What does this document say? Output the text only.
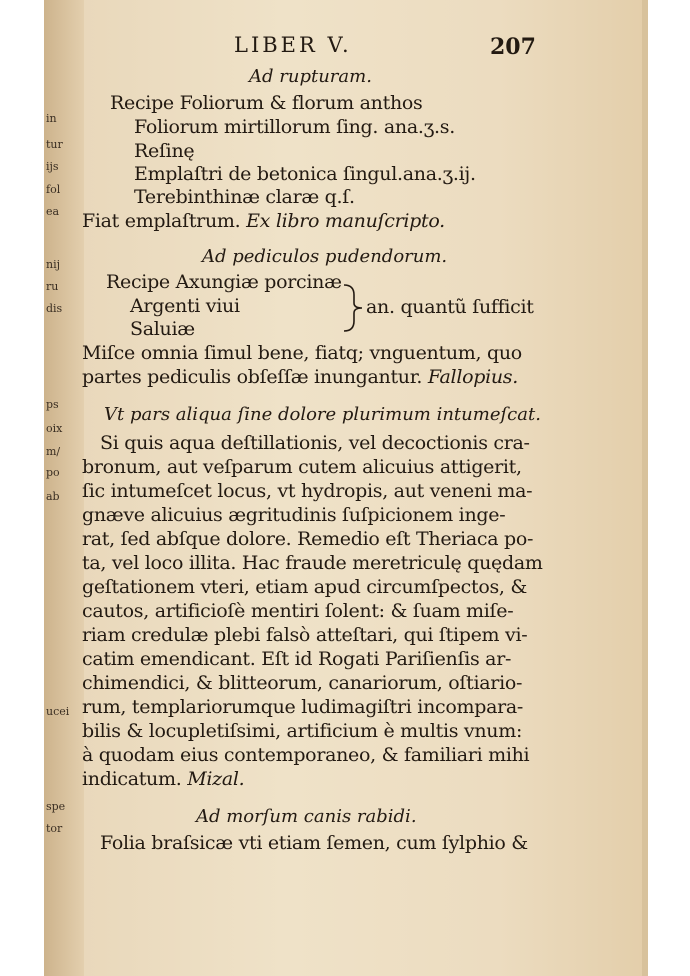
in
tur
ijs
fol
ea
nij
ru
dis
ps
oix
m/
po
ab
ucei
spe
tor
LIBER V.	207
Ad rupturam.
Recipe Foliorum & florum anthos
Foliorum mirtillorum ſing. ana.ʒ.s.
Reſinę
Emplaſtri de betonica ſingul.ana.ʒ.ij.
Terebinthinæ claræ q.ſ.
Fiat emplaſtrum. Ex libro manuſcripto.
Ad pediculos pudendorum.
Recipe Axungiæ porcinæ
Argenti viui
Saluiæ
an. quantũ ſufficit
Miſce omnia ſimul bene, fiatq; vnguentum, quo
partes pediculis obſeſſæ inungantur. Fallopius.
Vt pars aliqua ſine dolore plurimum intumeſcat.
Si quis aqua deſtillationis, vel decoctionis cra-
bronum, aut veſparum cutem alicuius attigerit,
ſic intumeſcet locus, vt hydropis, aut veneni ma-
gnæve alicuius ægritudinis ſuſpicionem inge-
rat, ſed abſque dolore. Remedio eſt Theriaca po-
ta, vel loco illita. Hac fraude meretriculę quędam
geſtationem vteri, etiam apud circumſpectos, &
cautos, artificioſè mentiri ſolent: & ſuam miſe-
riam credulæ plebi falsò atteſtari, qui ſtipem vi-
catim emendicant. Eſt id Rogati Pariſienſis ar-
chimendici, & blitteorum, canariorum, oſtiario-
rum, templariorumque ludimagiſtri incompara-
bilis & locupletiſsimi, artificium è multis vnum:
à quodam eius contemporaneo, & familiari mihi
indicatum. Mizal.
Ad morſum canis rabidi.
Folia braſsicæ vti etiam ſemen, cum ſylphio &
